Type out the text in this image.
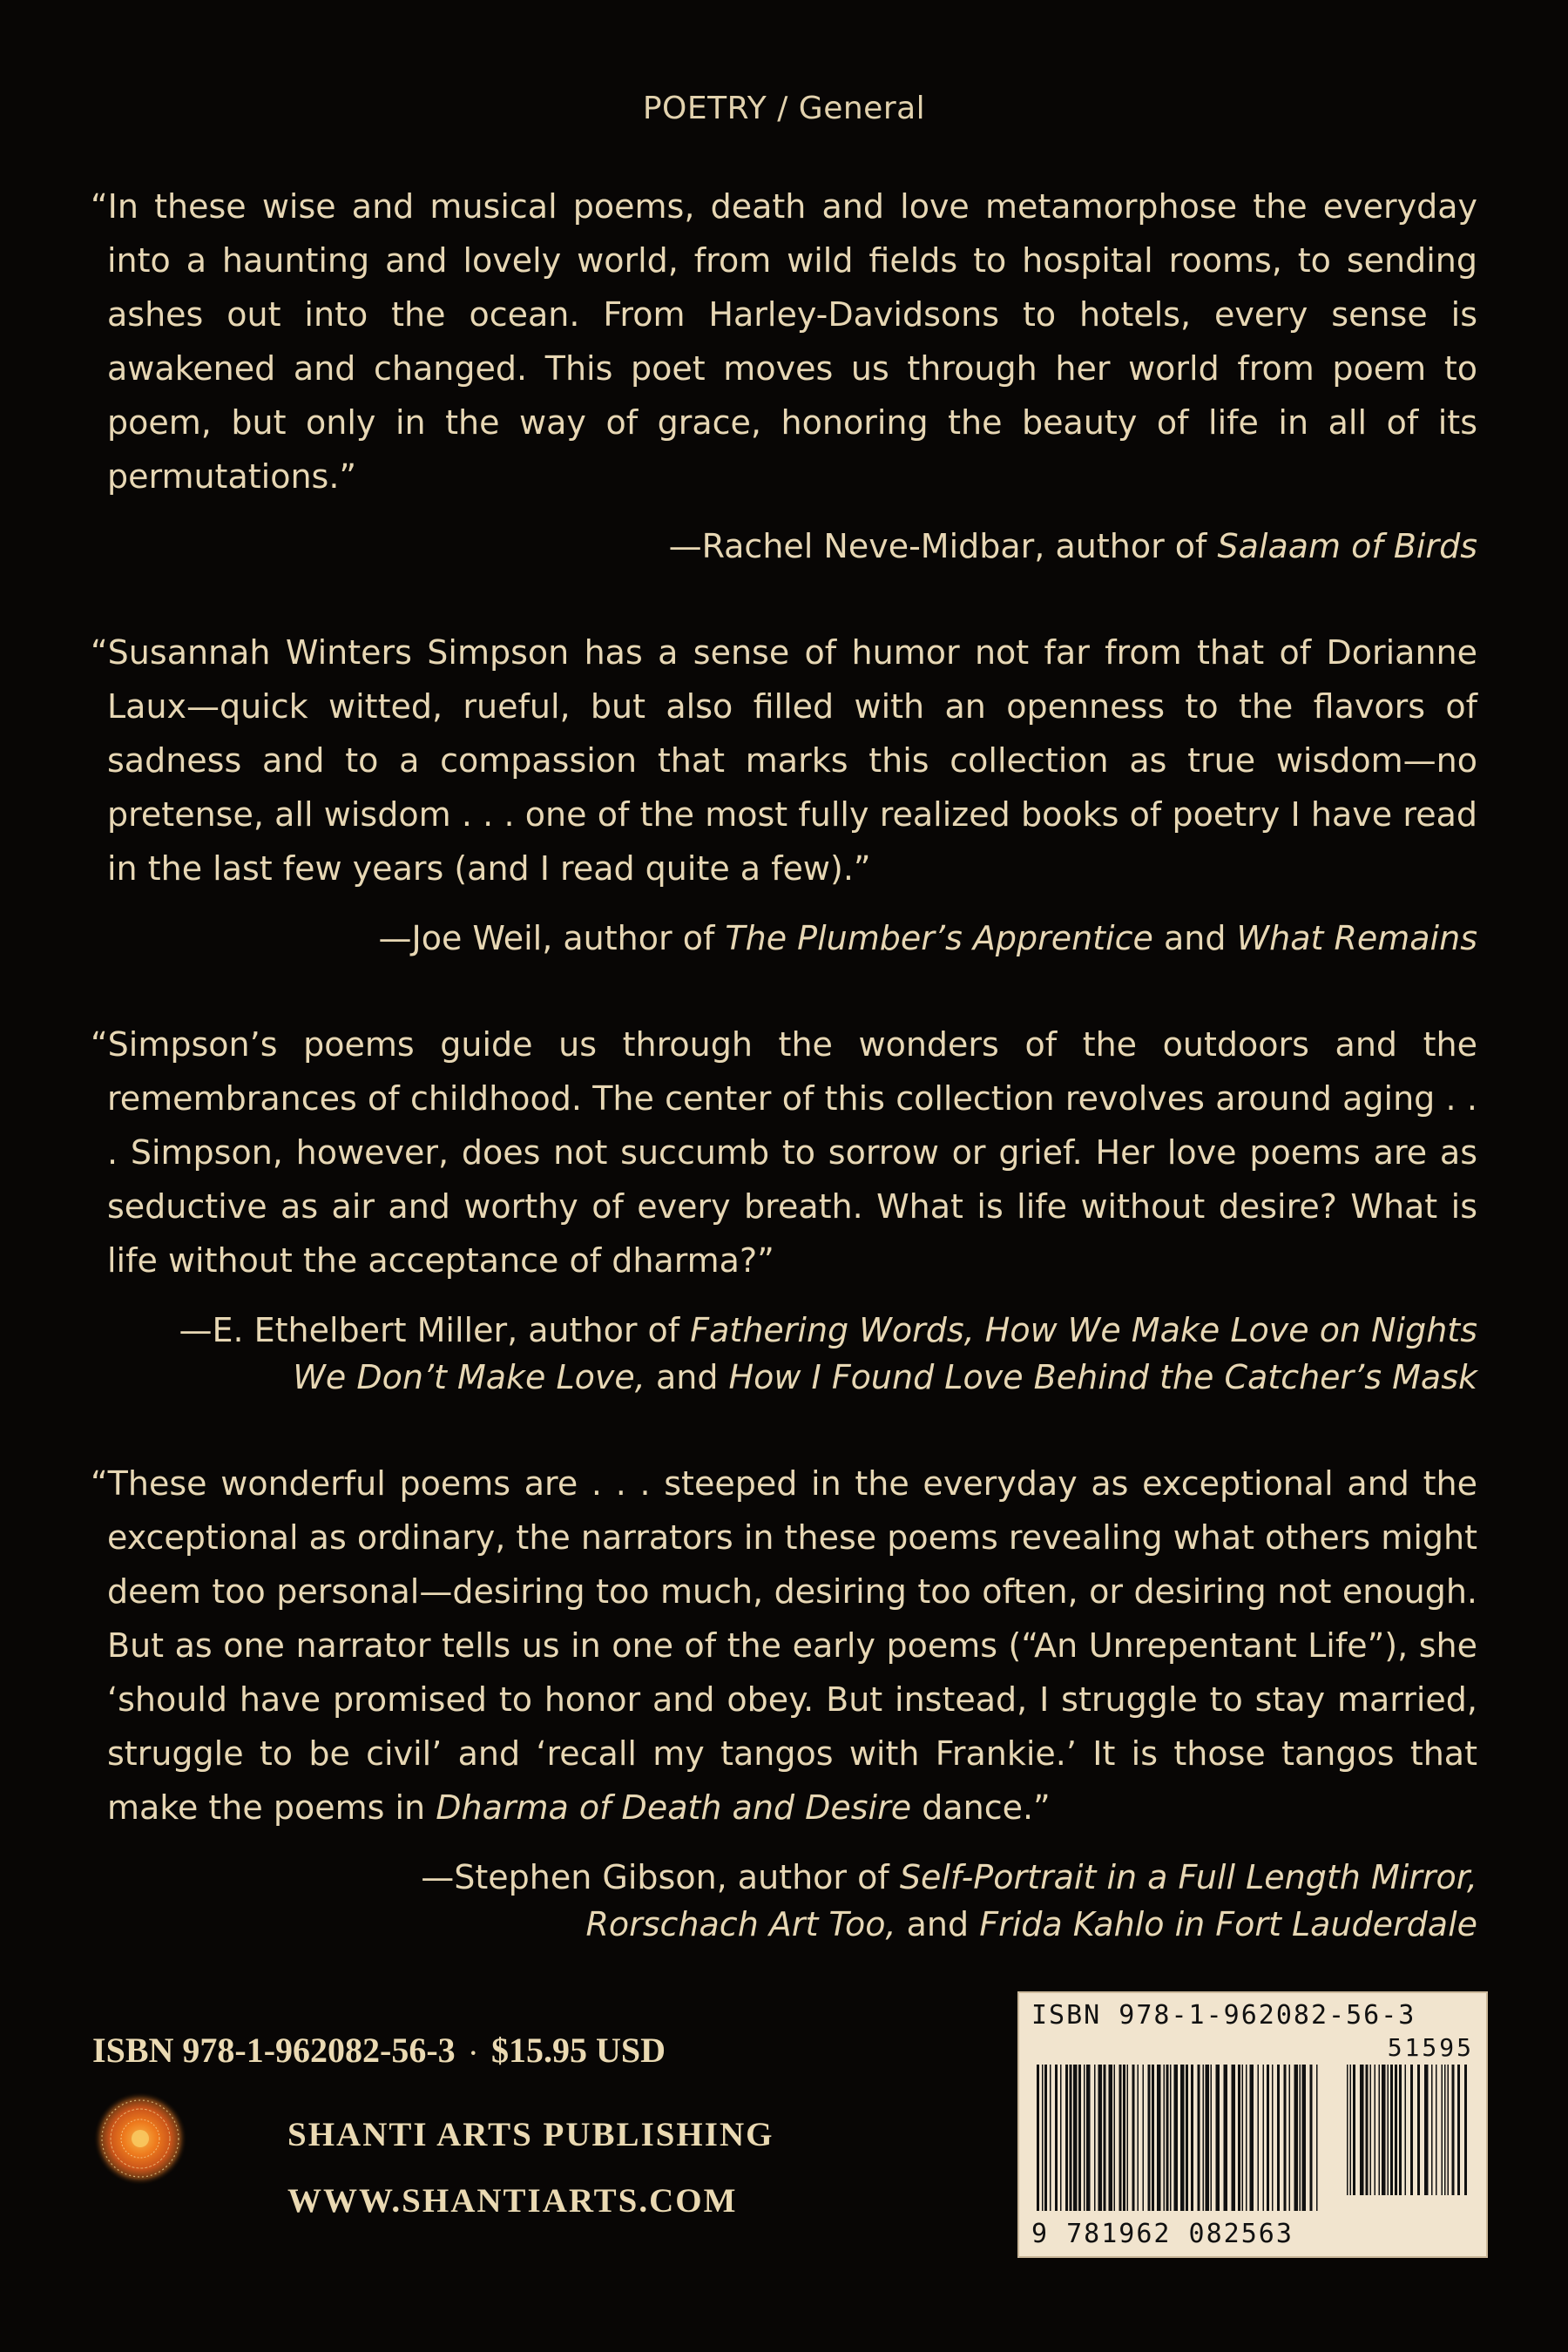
POETRY / General

“In these wise and musical poems, death and love metamorphose the everyday into a haunting and lovely world, from wild fields to hospital rooms, to sending ashes out into the ocean. From Harley-Davidsons to hotels, every sense is awakened and changed. This poet moves us through her world from poem to poem, but only in the way of grace, honoring the beauty of life in all of its permutations.”

—Rachel Neve-Midbar, author of Salaam of Birds

“Susannah Winters Simpson has a sense of humor not far from that of Dorianne Laux—quick witted, rueful, but also filled with an openness to the flavors of sadness and to a compassion that marks this collection as true wisdom—no pretense, all wisdom . . . one of the most fully realized books of poetry I have read in the last few years (and I read quite a few).”

—Joe Weil, author of The Plumber’s Apprentice and What Remains

“Simpson’s poems guide us through the wonders of the outdoors and the remembrances of childhood. The center of this collection revolves around aging . . . Simpson, however, does not succumb to sorrow or grief. Her love poems are as seductive as air and worthy of every breath. What is life without desire? What is life without the acceptance of dharma?”

—E. Ethelbert Miller, author of Fathering Words, How We Make Love on Nights
We Don’t Make Love, and How I Found Love Behind the Catcher’s Mask

“These wonderful poems are . . . steeped in the everyday as exceptional and the exceptional as ordinary, the narrators in these poems revealing what others might deem too personal—desiring too much, desiring too often, or desiring not enough. But as one narrator tells us in one of the early poems (“An Unrepentant Life”), she ‘should have promised to honor and obey. But instead, I struggle to stay married, struggle to be civil’ and ‘recall my tangos with Frankie.’ It is those tangos that make the poems in Dharma of Death and Desire dance.”

—Stephen Gibson, author of Self-Portrait in a Full Length Mirror,
Rorschach Art Too, and Frida Kahlo in Fort Lauderdale
ISBN 978-1-962082-56-3 · $15.95 USD
SHANTI ARTS PUBLISHING
WWW.SHANTIARTS.COM
ISBN 978-1-962082-56-3
51595
9 781962 082563
